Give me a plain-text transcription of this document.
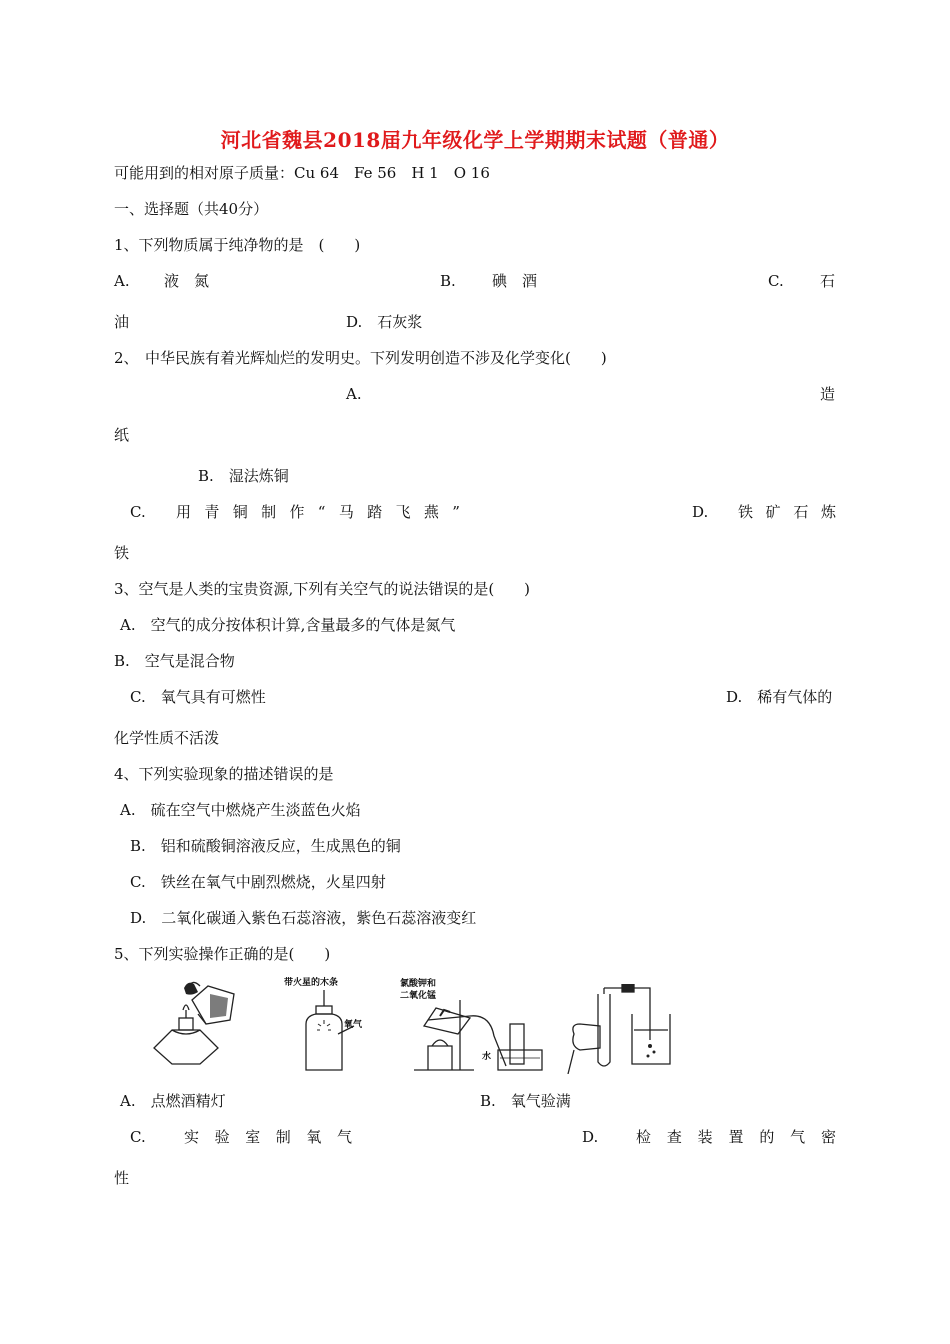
河北省魏县2018届九年级化学上学期期末试题（普通）
可能用到的相对原子质量：Cu 64　Fe 56　H 1　O 16
一、选择题（共40分）
1、下列物质属于纯净物的是　(　　)
A. 液　氮	B. 碘　酒	C. 石
油	D.　石灰浆
2、 中华民族有着光辉灿烂的发明史。下列发明创造不涉及化学变化(　　)
A.	造
纸
B.　湿法炼铜
C. 用 青 铜 制 作 “ 马 踏 飞 燕 ”	D. 铁 矿 石 炼
铁
3、空气是人类的宝贵资源,下列有关空气的说法错误的是(　　)
A.　空气的成分按体积计算,含量最多的气体是氮气
B.　空气是混合物
C.　氧气具有可燃性	D.　稀有气体的
化学性质不活泼
4、下列实验现象的描述错误的是
A.　硫在空气中燃烧产生淡蓝色火焰
B.　铝和硫酸铜溶液反应，生成黑色的铜
C.　铁丝在氧气中剧烈燃烧，火星四射
D.　二氧化碳通入紫色石蕊溶液，紫色石蕊溶液变红
5、下列实验操作正确的是(　　)
带火星的木条
氧气
氯酸钾和
二氧化锰
水
A.　点燃酒精灯	B.　氧气验满
C.	实 验 室 制 氧 气	D.	检 查 装 置 的 气 密
性
